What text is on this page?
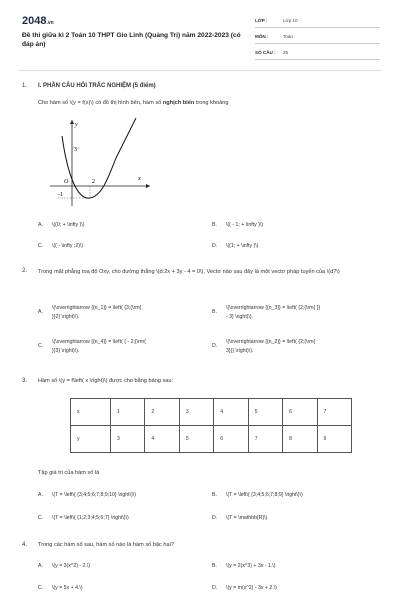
2048.vn
Đề thi giữa kì 2 Toán 10 THPT Gio Linh (Quảng Trị) năm 2022-2023 (có đáp án)
LỚP :	Lớp 10
MÔN :	Toán
SỐ CÂU :	25
1. I. PHẦN CÂU HỎI TRẮC NGHIỆM (5 điểm)
Cho hàm số \(y = f(x)\) có đồ thị hình bên, hàm số nghịch biến trong khoảng
y
x
O
3
2
-1
A. \((0; + \infty )\)	B. \(( - 1; + \infty )\)
C. \(( - \infty ;2)\)	D. \((1; + \infty )\)
2. Trong mặt phẳng toạ độ Oxy, cho đường thẳng \(d:2x + 3y - 4 = 0\). Vectơ nào sau đây là một vectơ pháp tuyến của \(d?\)
A.
\(\overrightarrow {{n_1}} = \left( {3;{\rm{
}}2} \right)\).
B.
\(\overrightarrow {{n_3}} = \left( {2;{\rm{ }}
- 3} \right)\).
C.
\(\overrightarrow {{n_4}} = \left( { - 2;{\rm{
}}3} \right)\).
D.
\(\overrightarrow {{n_2}} = \left( {2;{\rm{
3}}} \right)\).
3. Hàm số \(y = f\left( x \right)\) được cho bằng bảng sau:
x	1	2	3	4	5	6	7
y	3	4	5	6	7	8	9
Tập giá trị của hàm số là
A. \(T = \left\{ {3;4;5;6;7;8;9;10} \right\}\)	B. \(T = \left\{ {3;4;5;6;7;8;9} \right\}\)
C. \(T = \left\{ {1;2;3;4;5;6;7} \right\}\)	D. \(T = \mathbb{R}\)
4. Trong các hàm số sau, hàm số nào là hàm số bậc hai?
A. \(y = 3(x^2) - 2.\)	B. \(y = 2(x^3) + 3x - 1.\)
C. \(y = 5x + 4.\)	D. \(y = m(x^2) - 3x + 2.\)
